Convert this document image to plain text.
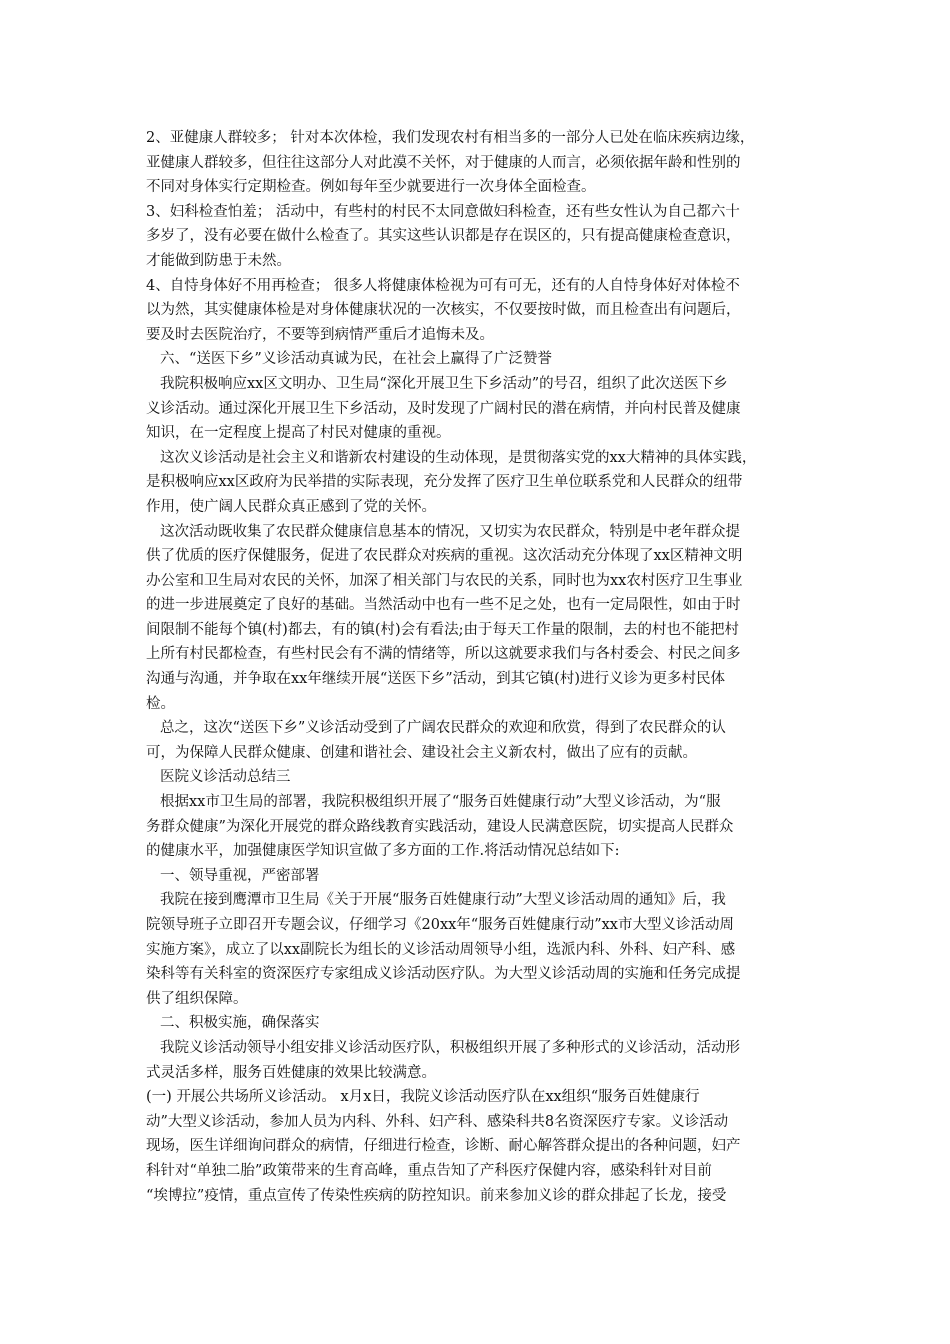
2、亚健康人群较多； 针对本次体检，我们发现农村有相当多的一部分人已处在临床疾病边缘，
亚健康人群较多，但往往这部分人对此漠不关怀，对于健康的人而言，必须依据年龄和性别的
不同对身体实行定期检查。例如每年至少就要进行一次身体全面检查。
3、妇科检查怕羞； 活动中，有些村的村民不太同意做妇科检查，还有些女性认为自己都六十
多岁了，没有必要在做什么检查了。其实这些认识都是存在误区的，只有提高健康检查意识，
才能做到防患于未然。
4、自恃身体好不用再检查； 很多人将健康体检视为可有可无，还有的人自恃身体好对体检不
以为然，其实健康体检是对身体健康状况的一次核实，不仅要按时做，而且检查出有问题后，
要及时去医院治疗，不要等到病情严重后才追悔未及。
六、“送医下乡”义诊活动真诚为民，在社会上赢得了广泛赞誉
我院积极响应xx区文明办、卫生局“深化开展卫生下乡活动”的号召，组织了此次送医下乡
义诊活动。通过深化开展卫生下乡活动，及时发现了广阔村民的潜在病情，并向村民普及健康
知识，在一定程度上提高了村民对健康的重视。
这次义诊活动是社会主义和谐新农村建设的生动体现，是贯彻落实党的xx大精神的具体实践，
是积极响应xx区政府为民举措的实际表现，充分发挥了医疗卫生单位联系党和人民群众的纽带
作用，使广阔人民群众真正感到了党的关怀。
这次活动既收集了农民群众健康信息基本的情况，又切实为农民群众，特别是中老年群众提
供了优质的医疗保健服务，促进了农民群众对疾病的重视。这次活动充分体现了xx区精神文明
办公室和卫生局对农民的关怀，加深了相关部门与农民的关系，同时也为xx农村医疗卫生事业
的进一步进展奠定了良好的基础。当然活动中也有一些不足之处，也有一定局限性，如由于时
间限制不能每个镇(村)都去，有的镇(村)会有看法;由于每天工作量的限制，去的村也不能把村
上所有村民都检查，有些村民会有不满的情绪等，所以这就要求我们与各村委会、村民之间多
沟通与沟通，并争取在xx年继续开展“送医下乡”活动，到其它镇(村)进行义诊为更多村民体
检。
总之，这次“送医下乡”义诊活动受到了广阔农民群众的欢迎和欣赏，得到了农民群众的认
可，为保障人民群众健康、创建和谐社会、建设社会主义新农村，做出了应有的贡献。
医院义诊活动总结三
根据xx市卫生局的部署，我院积极组织开展了“服务百姓健康行动”大型义诊活动，为“服
务群众健康”为深化开展党的群众路线教育实践活动，建设人民满意医院，切实提高人民群众
的健康水平，加强健康医学知识宣做了多方面的工作.将活动情况总结如下:
一、领导重视，严密部署
我院在接到鹰潭市卫生局《关于开展“服务百姓健康行动”大型义诊活动周的通知》后，我
院领导班子立即召开专题会议，仔细学习《20xx年“服务百姓健康行动”xx市大型义诊活动周
实施方案》，成立了以xx副院长为组长的义诊活动周领导小组，选派内科、外科、妇产科、感
染科等有关科室的资深医疗专家组成义诊活动医疗队。为大型义诊活动周的实施和任务完成提
供了组织保障。
二、积极实施，确保落实
我院义诊活动领导小组安排义诊活动医疗队，积极组织开展了多种形式的义诊活动，活动形
式灵活多样，服务百姓健康的效果比较满意。
(一) 开展公共场所义诊活动。 x月x日，我院义诊活动医疗队在xx组织“服务百姓健康行
动”大型义诊活动，参加人员为内科、外科、妇产科、感染科共8名资深医疗专家。义诊活动
现场，医生详细询问群众的病情，仔细进行检查，诊断、耐心解答群众提出的各种问题，妇产
科针对“单独二胎”政策带来的生育高峰，重点告知了产科医疗保健内容，感染科针对目前
“埃博拉”疫情，重点宣传了传染性疾病的防控知识。前来参加义诊的群众排起了长龙，接受
